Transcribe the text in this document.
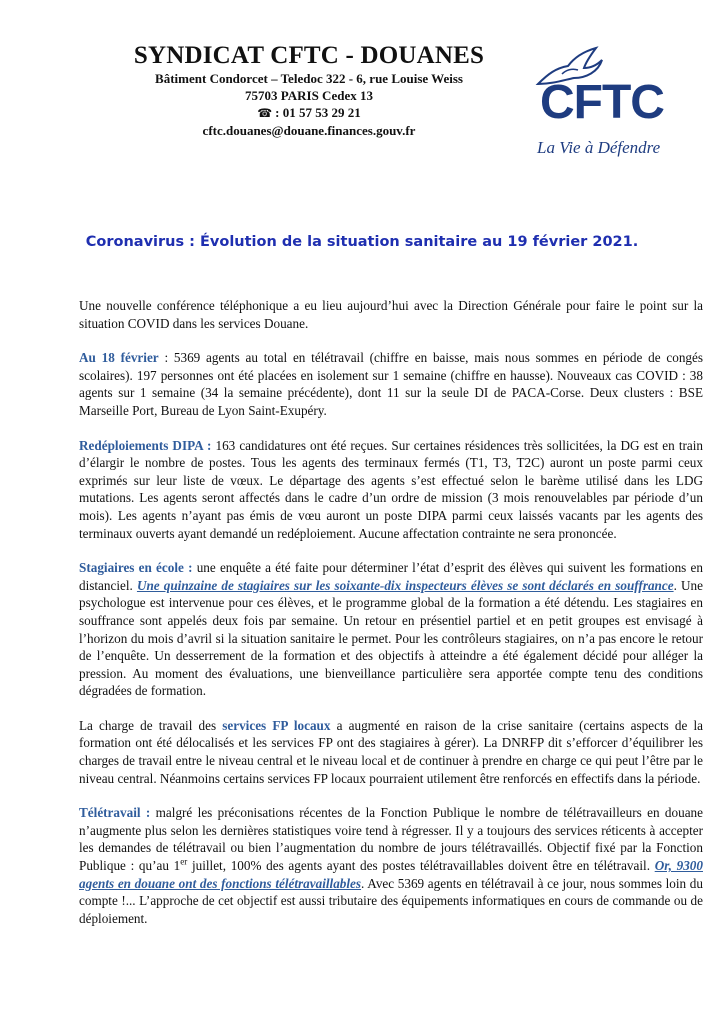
SYNDICAT CFTC - DOUANES
Bâtiment Condorcet – Teledoc 322 - 6, rue Louise Weiss
75703 PARIS Cedex 13
☎ : 01 57 53 29 21
cftc.douanes@douane.finances.gouv.fr
CFTC
La Vie à Défendre
Coronavirus : Évolution de la situation sanitaire au 19 février 2021.

Une nouvelle conférence téléphonique a eu lieu aujourd’hui avec la Direction Générale pour faire le point sur la situation COVID dans les services Douane.

Au 18 février : 5369 agents au total en télétravail (chiffre en baisse, mais nous sommes en période de congés scolaires). 197 personnes ont été placées en isolement sur 1 semaine (chiffre en hausse). Nouveaux cas COVID : 38 agents sur 1 semaine (34 la semaine précédente), dont 11 sur la seule DI de PACA-Corse. Deux clusters : BSE Marseille Port, Bureau de Lyon Saint-Exupéry.

Redéploiements DIPA : 163 candidatures ont été reçues. Sur certaines résidences très sollicitées, la DG est en train d’élargir le nombre de postes. Tous les agents des terminaux fermés (T1, T3, T2C) auront un poste parmi ceux exprimés sur leur liste de vœux. Le départage des agents s’est effectué selon le barème utilisé dans les LDG mutations. Les agents seront affectés dans le cadre d’un ordre de mission (3 mois renouvelables par période d’un mois). Les agents n’ayant pas émis de vœu auront un poste DIPA parmi ceux laissés vacants par les agents des terminaux ouverts ayant demandé un redéploiement. Aucune affectation contrainte ne sera prononcée.

Stagiaires en école : une enquête a été faite pour déterminer l’état d’esprit des élèves qui suivent les formations en distanciel. Une quinzaine de stagiaires sur les soixante-dix inspecteurs élèves se sont déclarés en souffrance. Une psychologue est intervenue pour ces élèves, et le programme global de la formation a été détendu. Les stagiaires en souffrance sont appelés deux fois par semaine. Un retour en présentiel partiel et en petit groupes est envisagé à l’horizon du mois d’avril si la situation sanitaire le permet. Pour les contrôleurs stagiaires, on n’a pas encore le retour de l’enquête. Un desserrement de la formation et des objectifs à atteindre a été également décidé pour alléger la pression. Au moment des évaluations, une bienveillance particulière sera apportée compte tenu des conditions dégradées de formation.

La charge de travail des services FP locaux a augmenté en raison de la crise sanitaire (certains aspects de la formation ont été délocalisés et les services FP ont des stagiaires à gérer). La DNRFP dit s’efforcer d’équilibrer les charges de travail entre le niveau central et le niveau local et de continuer à prendre en charge ce qui peut l’être par le niveau central. Néanmoins certains services FP locaux pourraient utilement être renforcés en effectifs dans la période.

Télétravail : malgré les préconisations récentes de la Fonction Publique le nombre de télétravailleurs en douane n’augmente plus selon les dernières statistiques voire tend à régresser. Il y a toujours des services réticents à accepter les demandes de télétravail ou bien l’augmentation du nombre de jours télétravaillés. Objectif fixé par la Fonction Publique : qu’au 1er juillet, 100% des agents ayant des postes télétravaillables doivent être en télétravail. Or, 9300 agents en douane ont des fonctions télétravaillables. Avec 5369 agents en télétravail à ce jour, nous sommes loin du compte !... L’approche de cet objectif est aussi tributaire des équipements informatiques en cours de commande ou de déploiement.
